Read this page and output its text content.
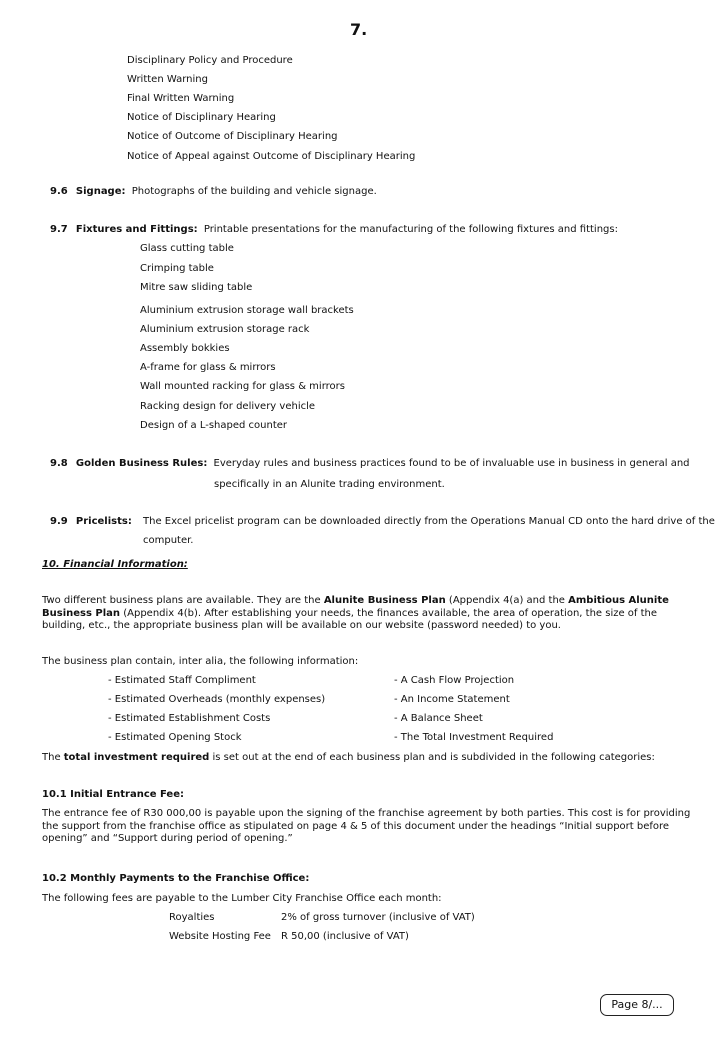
7.
Disciplinary Policy and Procedure
Written Warning
Final Written Warning
Notice of Disciplinary Hearing
Notice of Outcome of Disciplinary Hearing
Notice of Appeal against Outcome of Disciplinary Hearing
9.6 Signage: Photographs of the building and vehicle signage.
9.7 Fixtures and Fittings: Printable presentations for the manufacturing of the following fixtures and fittings:
Glass cutting table
Crimping table
Mitre saw sliding table
Aluminium extrusion storage wall brackets
Aluminium extrusion storage rack
Assembly bokkies
A-frame for glass & mirrors
Wall mounted racking for glass & mirrors
Racking design for delivery vehicle
Design of a L-shaped counter
9.8 Golden Business Rules: Everyday rules and business practices found to be of invaluable use in business in general and
specifically in an Alunite trading environment.
9.9 Pricelists: The Excel pricelist program can be downloaded directly from the Operations Manual CD onto the hard drive of the
computer.
10. Financial Information:
Two different business plans are available. They are the Alunite Business Plan (Appendix 4(a) and the Ambitious Alunite Business Plan (Appendix 4(b). After establishing your needs, the finances available, the area of operation, the size of the building, etc., the appropriate business plan will be available on our website (password needed) to you.
The business plan contain, inter alia, the following information:
- Estimated Staff Compliment
- Estimated Overheads (monthly expenses)
- Estimated Establishment Costs
- Estimated Opening Stock
- A Cash Flow Projection
- An Income Statement
- A Balance Sheet
- The Total Investment Required
The total investment required is set out at the end of each business plan and is subdivided in the following categories:
10.1 Initial Entrance Fee:
The entrance fee of R30 000,00 is payable upon the signing of the franchise agreement by both parties. This cost is for providing the support from the franchise office as stipulated on page 4 & 5 of this document under the headings “Initial support before opening” and “Support during period of opening.”
10.2 Monthly Payments to the Franchise Office:
The following fees are payable to the Lumber City Franchise Office each month:
Royalties	2% of gross turnover (inclusive of VAT)
Website Hosting Fee R 50,00 (inclusive of VAT)
Page 8/...
